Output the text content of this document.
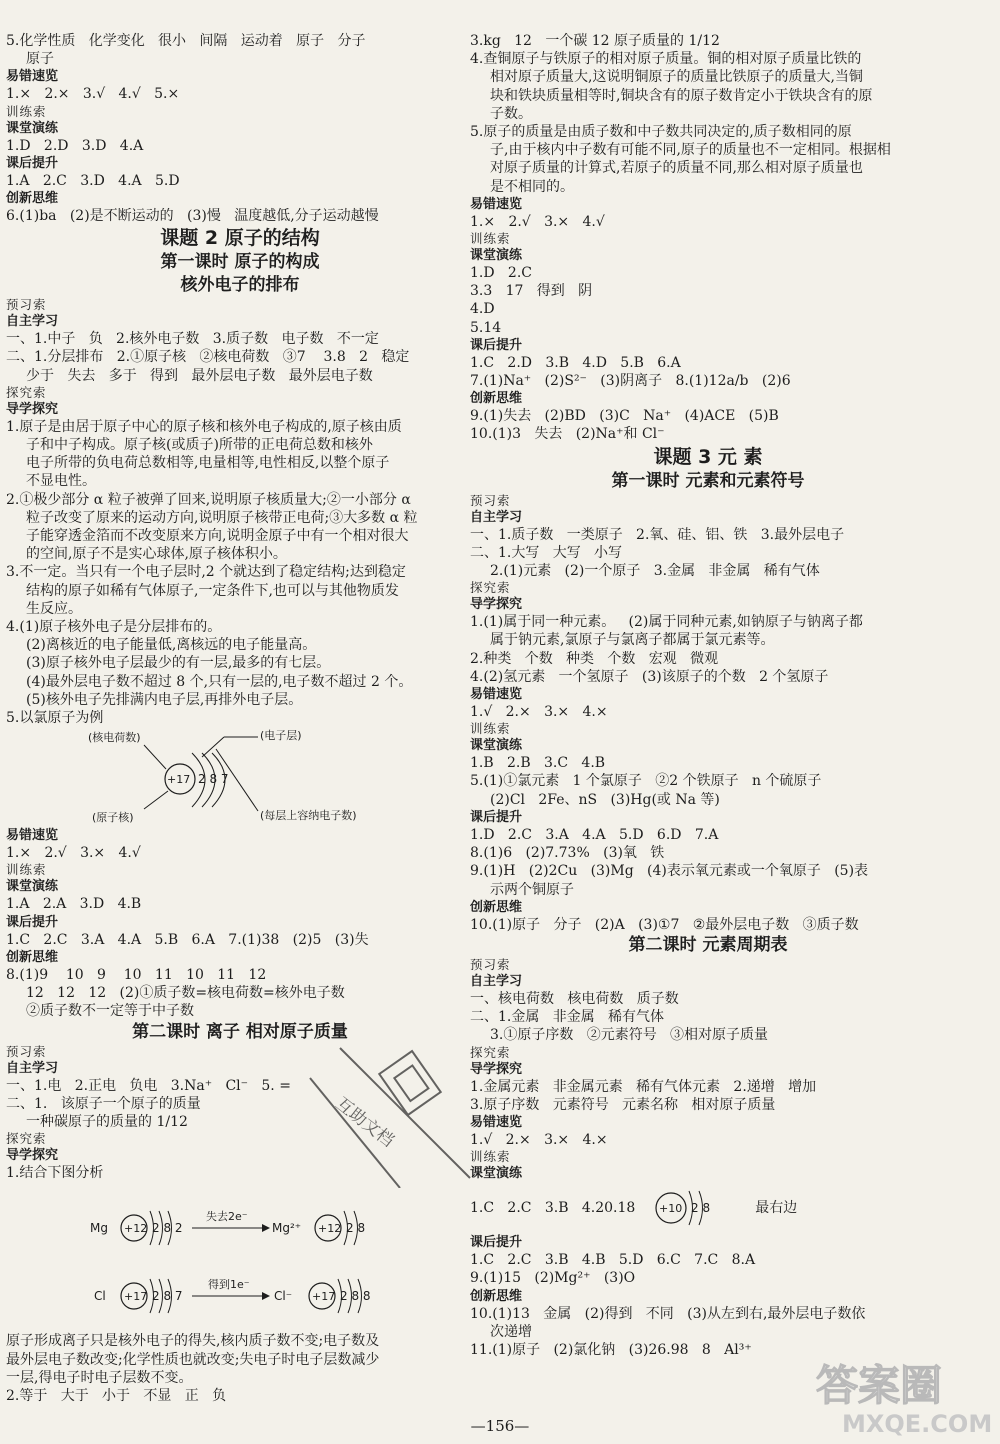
5.化学性质   化学变化   很小   间隔   运动着   原子   分子
原子
易错速览
1.×   2.×   3.√   4.√   5.×
训练索
课堂演练
1.D   2.D   3.D   4.A
课后提升
1.A   2.C   3.D   4.A   5.D
创新思维
6.(1)ba   (2)是不断运动的   (3)慢   温度越低,分子运动越慢
课题 2 原子的结构
第一课时 原子的构成
核外电子的排布
预习索
自主学习
一、1.中子   负   2.核外电子数   3.质子数   电子数   不一定
二、1.分层排布   2.①原子核   ②核电荷数   ③7    3.8   2   稳定
少于   失去   多于   得到   最外层电子数   最外层电子数
探究索
导学探究
1.原子是由居于原子中心的原子核和核外电子构成的,原子核由质
子和中子构成。原子核(或质子)所带的正电荷总数和核外
电子所带的负电荷总数相等,电量相等,电性相反,以整个原子
不显电性。
2.①极少部分 α 粒子被弹了回来,说明原子核质量大;②一小部分 α
粒子改变了原来的运动方向,说明原子核带正电荷;③大多数 α 粒
子能穿透金箔而不改变原来方向,说明金原子中有一个相对很大
的空间,原子不是实心球体,原子核体积小。
3.不一定。当只有一个电子层时,2 个就达到了稳定结构;达到稳定
结构的原子如稀有气体原子,一定条件下,也可以与其他物质发
生反应。
4.(1)原子核外电子是分层排布的。
(2)离核近的电子能量低,离核远的电子能量高。
(3)原子核外电子层最少的有一层,最多的有七层。
(4)最外层电子数不超过 8 个,只有一层的,电子数不超过 2 个。
(5)核外电子先排满内电子层,再排外电子层。
5.以氯原子为例
(核电荷数)	(电子层)
(原子核)	(每层上容纳电子数)
+17 2 8 7
易错速览
1.×   2.√   3.×   4.√
训练索
课堂演练
1.A   2.A   3.D   4.B
课后提升
1.C   2.C   3.A   4.A   5.B   6.A   7.(1)38   (2)5   (3)失
创新思维
8.(1)9    10   9    10   11   10   11   12
12   12   12   (2)①质子数=核电荷数=核外电子数
②质子数不一定等于中子数
第二课时 离子 相对原子质量
预习索
自主学习
一、1.电   2.正电   负电   3.Na⁺   Cl⁻   5. =
二、1.   该原子一个原子的质量
一种碳原子的质量的 1/12
探究索
导学探究
1.结合下图分析
Mg +12 2 8 2
失去2e⁻
Mg²⁺ +12 2 8
Cl +17 2 8 7
得到1e⁻
Cl⁻ +17 2 8 8
原子形成离子只是核外电子的得失,核内质子数不变;电子数及
最外层电子数改变;化学性质也就改变;失电子时电子层数减少
一层,得电子时电子层数不变。
2.等于   大于   小于   不显   正   负
3.kg   12   一个碳 12 原子质量的 1/12
4.查铜原子与铁原子的相对原子质量。铜的相对原子质量比铁的
相对原子质量大,这说明铜原子的质量比铁原子的质量大,当铜
块和铁块质量相等时,铜块含有的原子数肯定小于铁块含有的原
子数。
5.原子的质量是由质子数和中子数共同决定的,质子数相同的原
子,由于核内中子数有可能不同,原子的质量也不一定相同。根据相
对原子质量的计算式,若原子的质量不同,那么相对原子质量也
是不相同的。
易错速览
1.×   2.√   3.×   4.√
训练索
课堂演练
1.D   2.C
3.3   17   得到   阴
4.D
5.14
课后提升
1.C   2.D   3.B   4.D   5.B   6.A
7.(1)Na⁺   (2)S²⁻   (3)阴离子   8.(1)12a/b   (2)6
创新思维
9.(1)失去   (2)BD   (3)C   Na⁺   (4)ACE   (5)B
10.(1)3   失去   (2)Na⁺和 Cl⁻
课题 3 元 素
第一课时 元素和元素符号
预习索
自主学习
一、1.质子数   一类原子   2.氧、硅、铝、铁   3.最外层电子
二、1.大写   大写   小写
2.(1)元素   (2)一个原子   3.金属   非金属   稀有气体
探究索
导学探究
1.(1)属于同一种元素。   (2)属于同种元素,如钠原子与钠离子都
属于钠元素,氯原子与氯离子都属于氯元素等。
2.种类   个数   种类   个数   宏观   微观
4.(2)氢元素   一个氢原子   (3)该原子的个数   2 个氢原子
易错速览
1.√   2.×   3.×   4.×
训练索
课堂演练
1.B   2.B   3.C   4.B
5.(1)①氯元素   1 个氯原子   ②2 个铁原子   n 个硫原子
(2)Cl   2Fe、nS   (3)Hg(或 Na 等)
课后提升
1.D   2.C   3.A   4.A   5.D   6.D   7.A
8.(1)6   (2)7.73%   (3)氧   铁
9.(1)H   (2)2Cu   (3)Mg   (4)表示氧元素或一个氧原子   (5)表
示两个铜原子
创新思维
10.(1)原子   分子   (2)A   (3)①7   ②最外层电子数   ③质子数
第二课时 元素周期表
预习索
自主学习
一、核电荷数   核电荷数   质子数
二、1.金属   非金属   稀有气体
3.①原子序数   ②元素符号   ③相对原子质量
探究索
导学探究
1.金属元素   非金属元素   稀有气体元素   2.递增   增加
3.原子序数   元素符号   元素名称   相对原子质量
易错速览
1.√   2.×   3.×   4.×
训练索
课堂演练
1.C   2.C   3.B   4.20.18 +10 2 8	最右边
课后提升
1.C   2.C   3.B   4.B   5.D   6.C   7.C   8.A
9.(1)15   (2)Mg²⁺   (3)O
创新思维
10.(1)13   金属   (2)得到   不同   (3)从左到右,最外层电子数依
次递增
11.(1)原子   (2)氯化钠   (3)26.98   8   Al³⁺
—156—
互助文档
答案圈
MXQE.COM
